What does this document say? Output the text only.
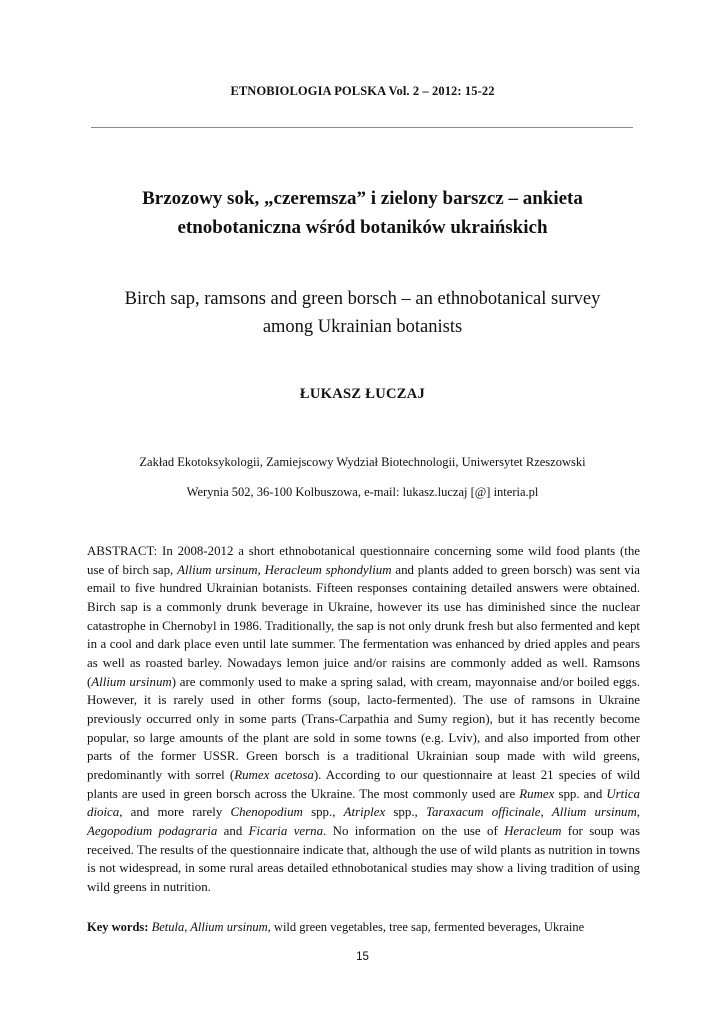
ETNOBIOLOGIA POLSKA Vol. 2 – 2012: 15-22
Brzozowy sok, „czeremsza” i zielony barszcz – ankieta
etnobotaniczna wśród botaników ukraińskich
Birch sap, ramsons and green borsch – an ethnobotanical survey
among Ukrainian botanists
ŁUKASZ ŁUCZAJ
Zakład Ekotoksykologii, Zamiejscowy Wydział Biotechnologii, Uniwersytet Rzeszowski
Werynia 502, 36-100 Kolbuszowa, e-mail: lukasz.luczaj [@] interia.pl
ABSTRACT: In 2008-2012 a short ethnobotanical questionnaire concerning some wild food plants (the use of birch sap, Allium ursinum, Heracleum sphondylium and plants added to green borsch) was sent via email to five hundred Ukrainian botanists. Fifteen responses containing detailed answers were obtained. Birch sap is a commonly drunk beverage in Ukraine, however its use has diminished since the nuclear catastrophe in Chernobyl in 1986. Traditionally, the sap is not only drunk fresh but also fermented and kept in a cool and dark place even until late summer. The fermentation was enhanced by dried apples and pears as well as roasted barley. Nowadays lemon juice and/or raisins are commonly added as well. Ramsons (Allium ursinum) are commonly used to make a spring salad, with cream, mayonnaise and/or boiled eggs. However, it is rarely used in other forms (soup, lacto-fermented). The use of ramsons in Ukraine previously occurred only in some parts (Trans-Carpathia and Sumy region), but it has recently become popular, so large amounts of the plant are sold in some towns (e.g. Lviv), and also imported from other parts of the former USSR. Green borsch is a traditional Ukrainian soup made with wild greens, predominantly with sorrel (Rumex acetosa). According to our questionnaire at least 21 species of wild plants are used in green borsch across the Ukraine. The most commonly used are Rumex spp. and Urtica dioica, and more rarely Chenopodium spp., Atriplex spp., Taraxacum officinale, Allium ursinum, Aegopodium podagraria and Ficaria verna. No information on the use of Heracleum for soup was received. The results of the questionnaire indicate that, although the use of wild plants as nutrition in towns is not widespread, in some rural areas detailed ethnobotanical studies may show a living tradition of using wild greens in nutrition.
Key words: Betula, Allium ursinum, wild green vegetables, tree sap, fermented beverages, Ukraine
15
